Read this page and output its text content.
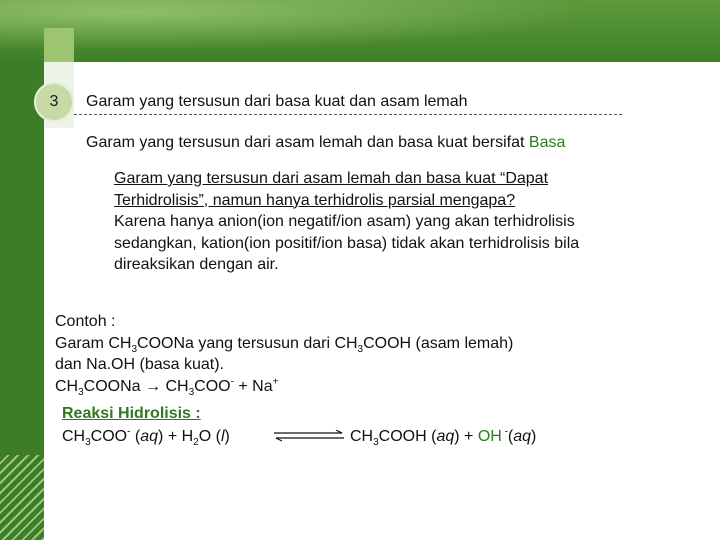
3 Garam yang tersusun dari basa kuat dan asam lemah
Garam yang tersusun dari asam lemah dan basa kuat bersifat Basa
Garam yang tersusun dari asam lemah dan basa kuat “Dapat Terhidrolisis”, namun hanya terhidrolis parsial mengapa?
Karena hanya anion(ion negatif/ion asam) yang akan terhidrolisis sedangkan, kation(ion positif/ion basa) tidak akan terhidrolisis bila direaksikan dengan air.
Contoh :
Garam $CH_3COONa$ yang tersusun dari $CH_3COOH$ (asam lemah)
dan Na.OH (basa kuat).
$CH_3COONa \to CH_3COO^- + Na^+$
Reaksi Hidrolisis :
$CH_3COO^-$ $(aq) + H_2O$ (l)	$CH_3COOH$ (aq) + OH -(aq)
